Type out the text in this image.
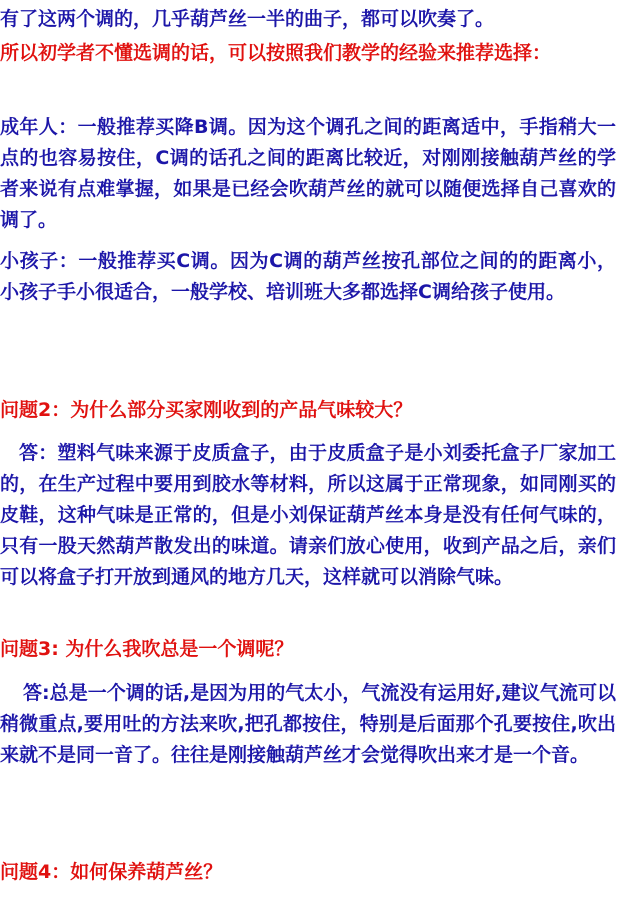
有了这两个调的，几乎葫芦丝一半的曲子，都可以吹奏了。

所以初学者不懂选调的话，可以按照我们教学的经验来推荐选择：

成年人：一般推荐买降B调。因为这个调孔之间的距离适中，手指稍大一点的也容易按住，C调的话孔之间的距离比较近，对刚刚接触葫芦丝的学者来说有点难掌握，如果是已经会吹葫芦丝的就可以随便选择自己喜欢的调了。

小孩子：一般推荐买C调。因为C调的葫芦丝按孔部位之间的的距离小，小孩子手小很适合，一般学校、培训班大多都选择C调给孩子使用。

问题2：为什么部分买家刚收到的产品气味较大？

答：塑料气味来源于皮质盒子，由于皮质盒子是小刘委托盒子厂家加工的，在生产过程中要用到胶水等材料，所以这属于正常现象，如同刚买的皮鞋，这种气味是正常的，但是小刘保证葫芦丝本身是没有任何气味的，只有一股天然葫芦散发出的味道。请亲们放心使用，收到产品之后，亲们可以将盒子打开放到通风的地方几天，这样就可以消除气味。

问题3: 为什么我吹总是一个调呢？

答:总是一个调的话,是因为用的气太小，气流没有运用好,建议气流可以稍微重点,要用吐的方法来吹,把孔都按住，特别是后面那个孔要按住,吹出来就不是同一音了。往往是刚接触葫芦丝才会觉得吹出来才是一个音。

问题4：如何保养葫芦丝？
